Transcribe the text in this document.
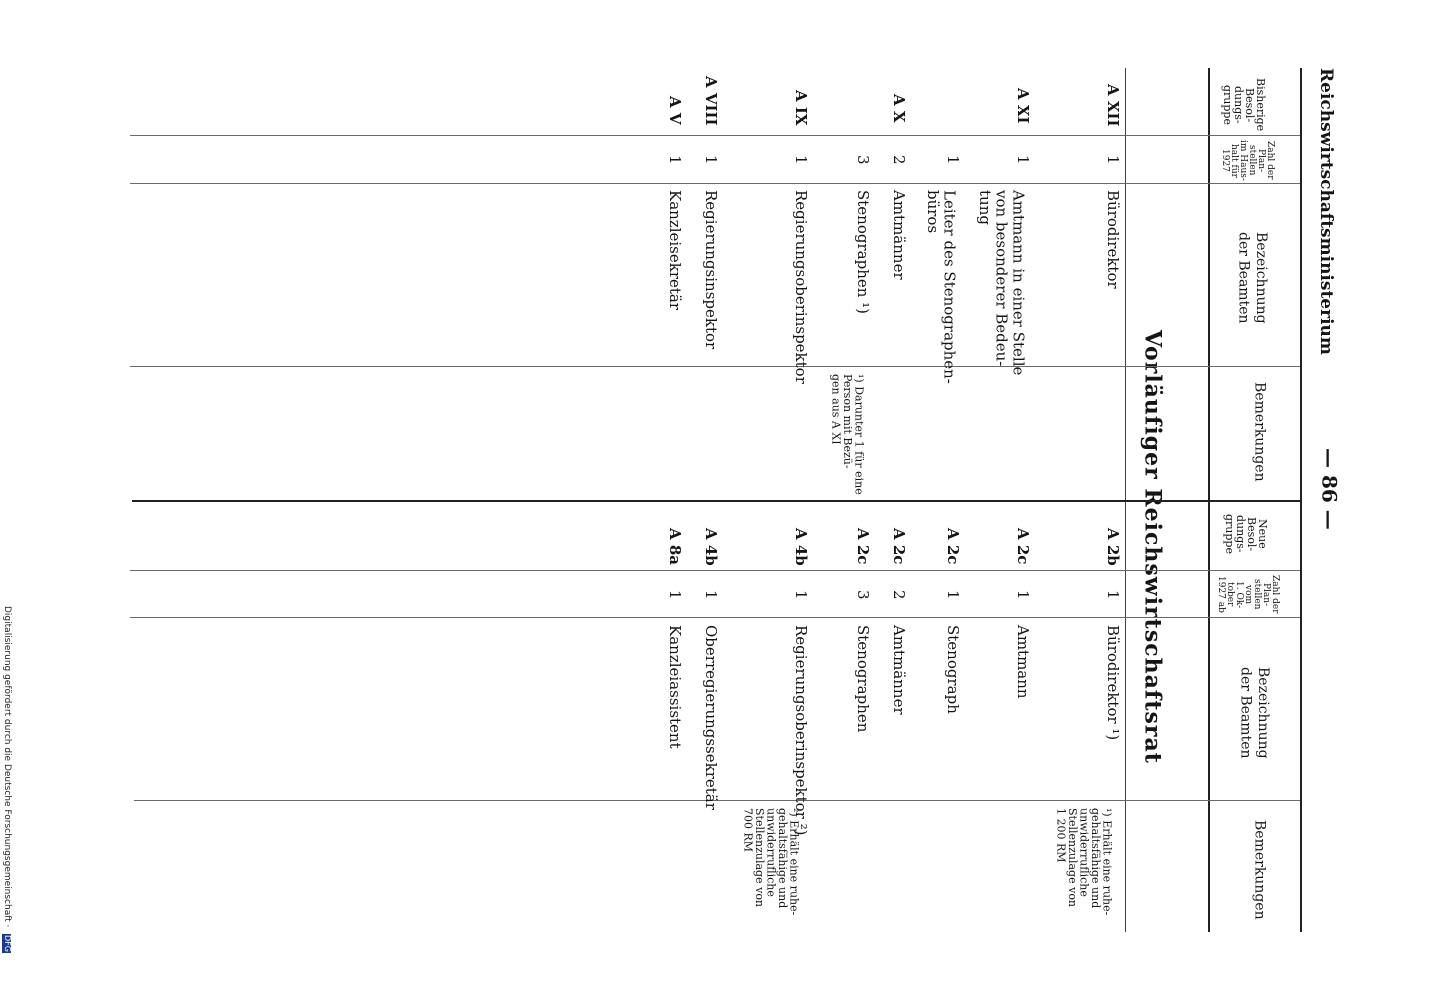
Reichswirtschaftsministerium
— 86 —
Vorläufiger Reichswirtschaftsrat
Bisherige
Besol-
dungs-
gruppe
Zahl der
Plan-
stellen
im Haus-
halt für
1927
Bezeichnung
der Beamten
Bemerkungen
Neue
Besol-
dungs-
gruppe
Zahl der
Plan-
stellen
vom
1. Ok-
tober
1927 ab
Bezeichnung
der Beamten
Bemerkungen
A XII
1
Bürodirektor
A 2b
1
Bürodirektor ¹)
A XI
1
Amtmann in einer Stelle
von besonderer Bedeu-
tung
A 2c
1
Amtmann
1
Leiter des Stenographen-
büros
A 2c
1
Stenograph
A X
2
Amtmänner
A 2c
2
Amtmänner
3
Stenographen ¹)
A 2c
3
Stenographen
A IX
1
Regierungsoberinspektor
A 4b
1
Regierungsoberinspektor ²)
A VIII
1
Regierungsinspektor
A 4b
1
Oberregierungssekretär
A V
1
Kanzleisekretär
A 8a
1
Kanzleiassistent
¹) Darunter 1 für eine
Person mit Bezü-
gen aus A XI
¹) Erhält eine ruhe-
gehaltsfähige und
unwiderrufliche
Stellenzulage von
1 200 RM
²) Erhält eine ruhe-
gehaltsfähige und
unwiderrufliche
Stellenzulage von
700 RM
Digitalisierung gefördert durch die Deutsche Forschungsgemeinschaft · DFG
